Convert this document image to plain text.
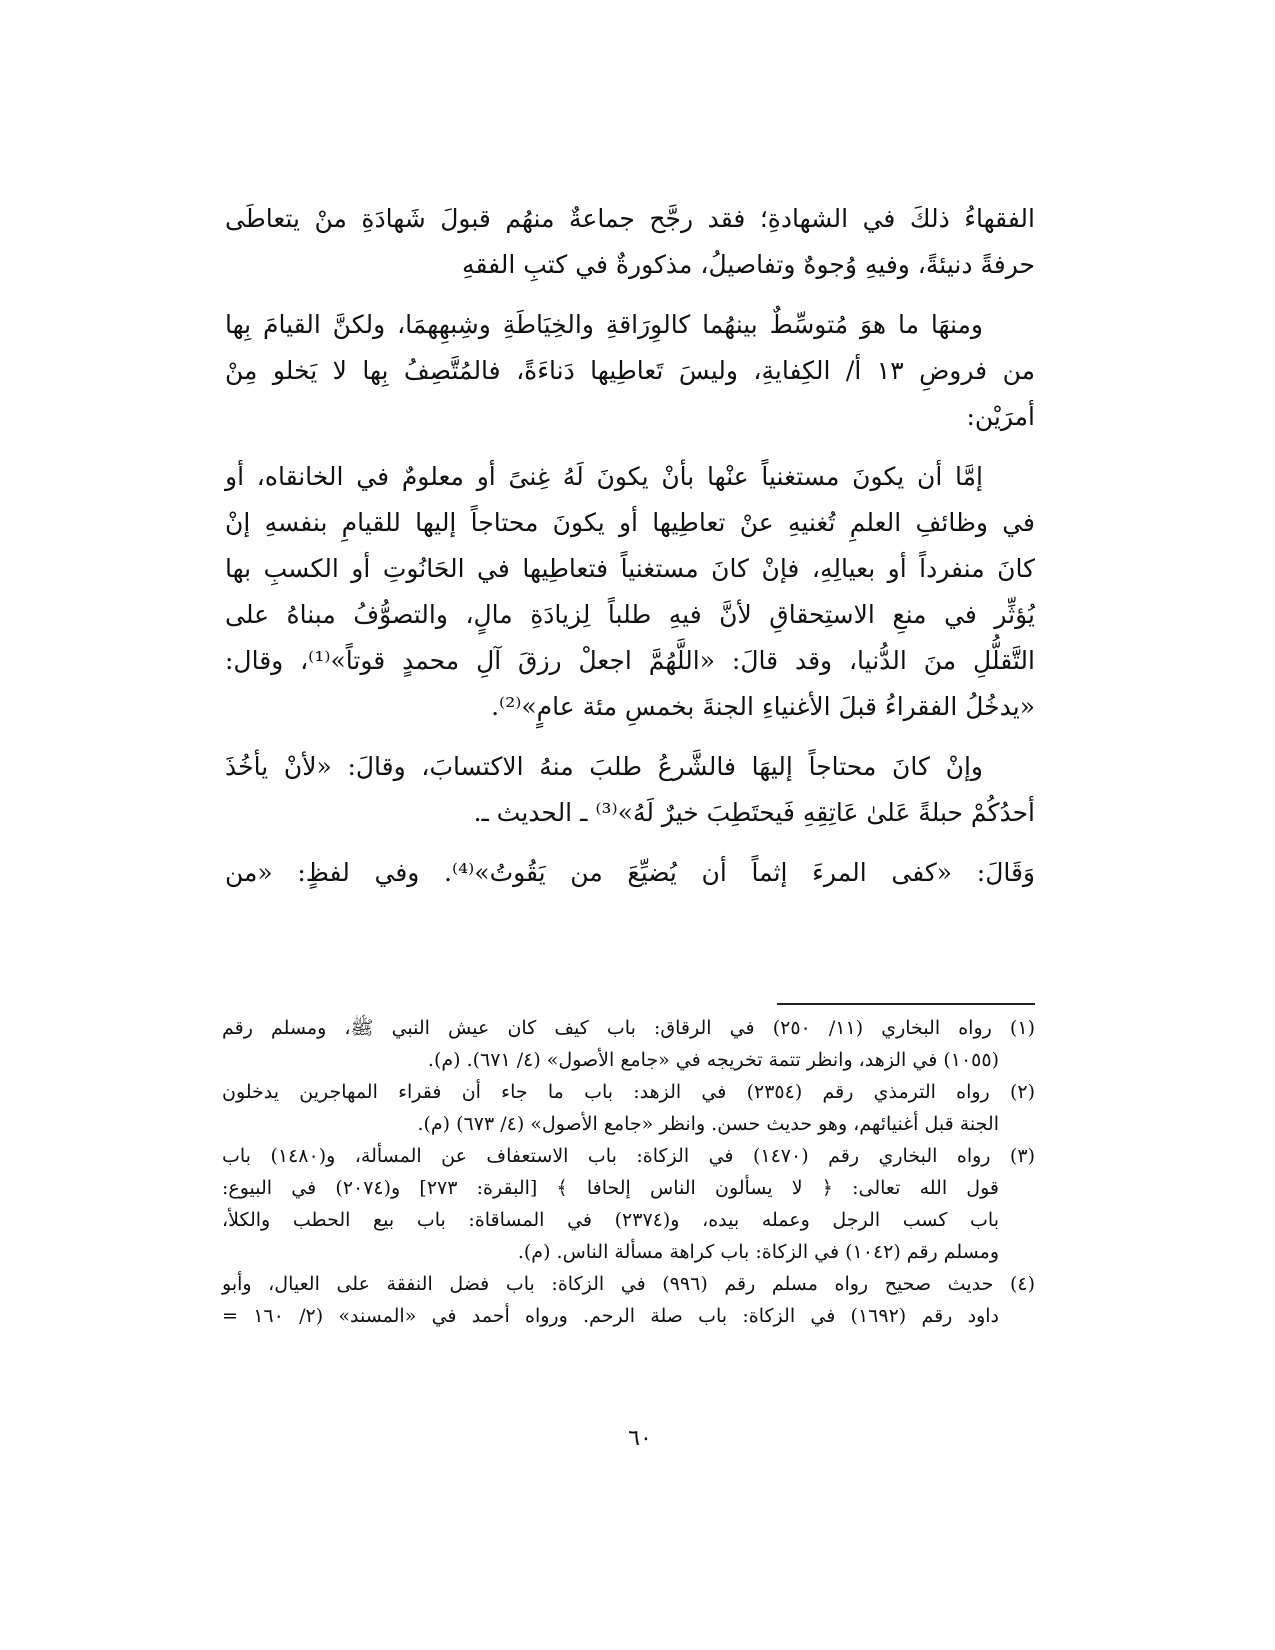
الفقهاءُ ذلكَ في الشهادةِ؛ فقد رجَّح جماعةٌ منهُم قبولَ شَهادَةِ منْ يتعاطَى
حرفةً دنيئةً، وفيهِ وُجوهٌ وتفاصيلُ، مذكورةٌ في كتبِ الفقهِ
ومنهَا ما هوَ مُتوسِّطٌ بينهُما كالوِرَاقةِ والخِيَاطَةِ وشِبهِهمَا، ولكنَّ القيامَ بِها
من فروضِ ١٣ أ/ الكِفايةِ، وليسَ تَعاطِيها دَناءَةً، فالمُتَّصِفُ بِها لا يَخلو مِنْ
أمرَيْن:
إمَّا أن يكونَ مستغنياً عنْها بأنْ يكونَ لَهُ غِنىً أو معلومٌ في الخانقاه، أو
في وظائفِ العلمِ تُغنيهِ عنْ تعاطِيها أو يكونَ محتاجاً إليها للقيامِ بنفسهِ إنْ
كانَ منفرداً أو بعيالِهِ، فإنْ كانَ مستغنياً فتعاطِيها في الحَانُوتِ أو الكسبِ بها
يُؤثِّر في منعِ الاستِحقاقِ لأنَّ فيهِ طلباً لِزيادَةِ مالٍ، والتصوُّفُ مبناهُ على
التَّقلُّلِ منَ الدُّنيا، وقد قالَ: «اللَّهُمَّ اجعلْ رزقَ آلِ محمدٍ قوتاً»⁽¹⁾، وقال:
«يدخُلُ الفقراءُ قبلَ الأغنياءِ الجنةَ بخمسِ مئة عامٍ»⁽²⁾.
وإنْ كانَ محتاجاً إليهَا فالشَّرعُ طلبَ منهُ الاكتسابَ، وقالَ: «لأنْ يأخُذَ
أحدُكُمْ حبلةً عَلىٰ عَاتِقِهِ فَيحتَطِبَ خيرٌ لَهُ»⁽³⁾ ـ الحديث ـ.
وَقَالَ: «كفى المرءَ إثماً أن يُضيِّعَ من يَقُوتُ»⁽⁴⁾. وفي لفظٍ: «من
(١) رواه البخاري (١١/ ٢٥٠) في الرقاق: باب كيف كان عيش النبي ﷺ، ومسلم رقم
(١٠٥٥) في الزهد، وانظر تتمة تخريجه في «جامع الأصول» (٤/ ٦٧١). (م).
(٢) رواه الترمذي رقم (٢٣٥٤) في الزهد: باب ما جاء أن فقراء المهاجرين يدخلون
الجنة قبل أغنيائهم، وهو حديث حسن. وانظر «جامع الأصول» (٤/ ٦٧٣) (م).
(٣) رواه البخاري رقم (١٤٧٠) في الزكاة: باب الاستعفاف عن المسألة، و(١٤٨٠) باب
قول الله تعالى: ﴿ لا يسألون الناس إلحافا ﴾ [البقرة: ٢٧٣] و(٢٠٧٤) في البيوع:
باب كسب الرجل وعمله بيده، و(٢٣٧٤) في المساقاة: باب بيع الحطب والكلأ،
ومسلم رقم (١٠٤٢) في الزكاة: باب كراهة مسألة الناس. (م).
(٤) حديث صحيح رواه مسلم رقم (٩٩٦) في الزكاة: باب فضل النفقة على العيال، وأبو
داود رقم (١٦٩٢) في الزكاة: باب صلة الرحم. ورواه أحمد في «المسند» (٢/ ١٦٠ =
٦٠
